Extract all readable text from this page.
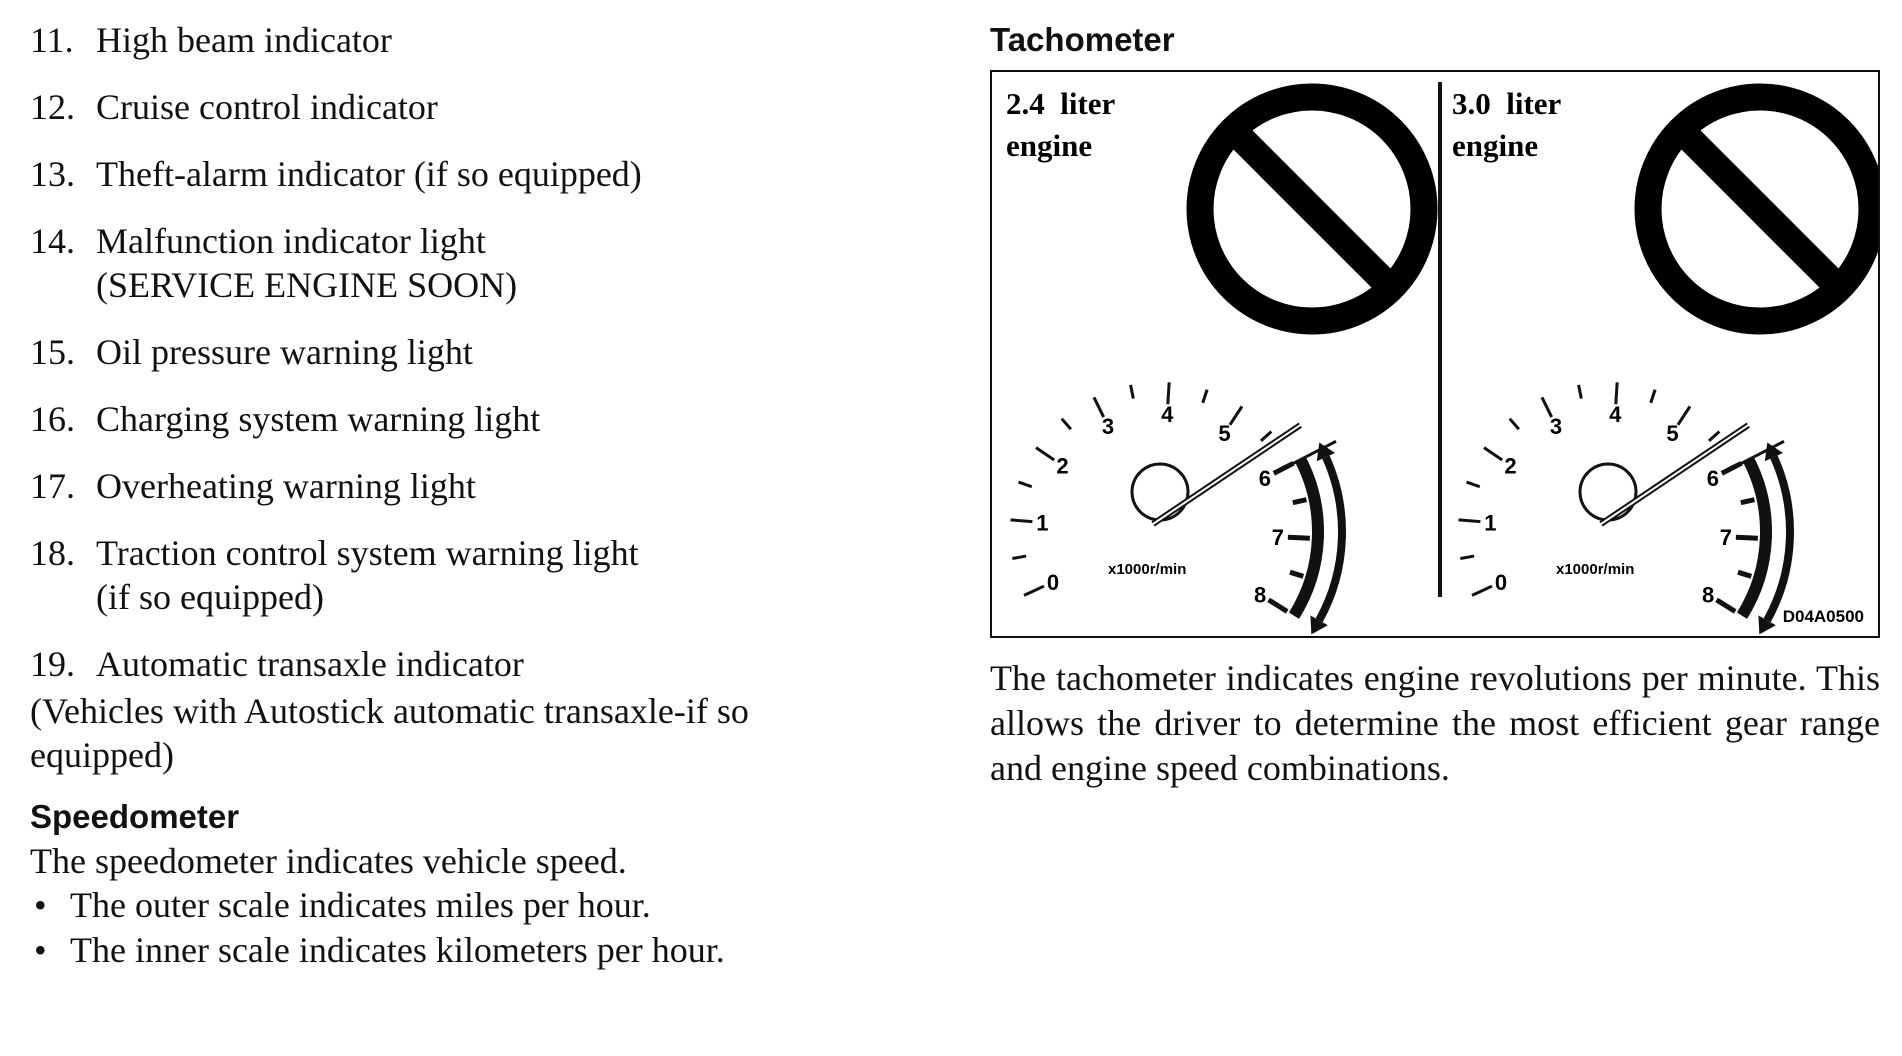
11. High beam indicator
12. Cruise control indicator
13. Theft-alarm indicator (if so equipped)
14. Malfunction indicator light
(SERVICE ENGINE SOON)
15. Oil pressure warning light
16. Charging system warning light
17. Overheating warning light
18. Traction control system warning light
(if so equipped)
19. Automatic transaxle indicator
(Vehicles with Autostick automatic transaxle-if so equipped)
Speedometer
The speedometer indicates vehicle speed.
• The outer scale indicates miles per hour.
• The inner scale indicates kilometers per hour.
Tachometer
2.4  liter
engine
3.0  liter
engine
0
1
2
3 4
5
6
7
8
0
1
2
3 4
5
6
7
8
x1000r/min	x1000r/min
D04A0500
The tachometer indicates engine revolutions per minute. This allows the driver to determine the most efficient gear range and engine speed combinations.
